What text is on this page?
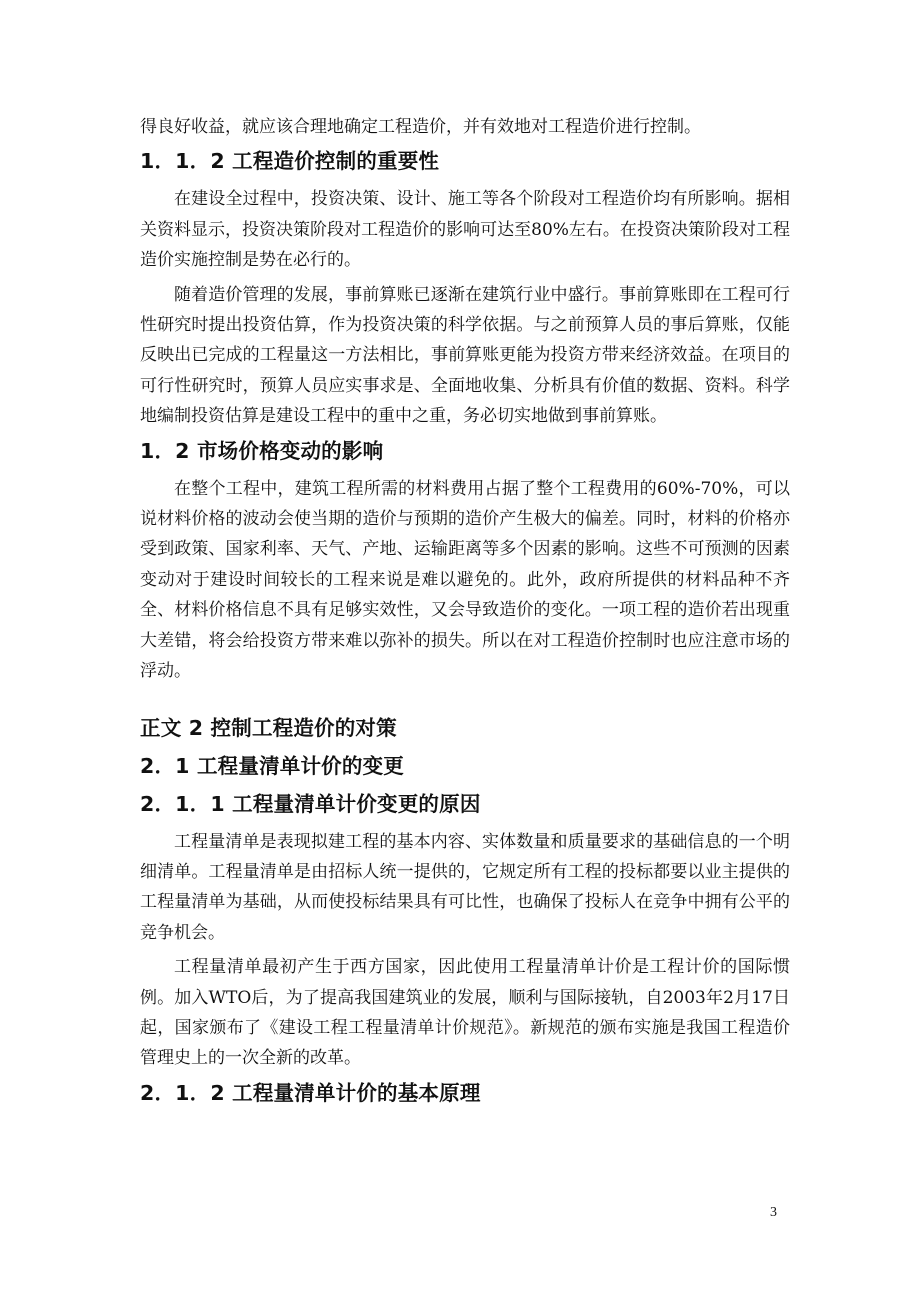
得良好收益，就应该合理地确定工程造价，并有效地对工程造价进行控制。

1．1．2 工程造价控制的重要性

在建设全过程中，投资决策、设计、施工等各个阶段对工程造价均有所影响。据相关资料显示，投资决策阶段对工程造价的影响可达至80%左右。在投资决策阶段对工程造价实施控制是势在必行的。

随着造价管理的发展，事前算账已逐渐在建筑行业中盛行。事前算账即在工程可行性研究时提出投资估算，作为投资决策的科学依据。与之前预算人员的事后算账，仅能反映出已完成的工程量这一方法相比，事前算账更能为投资方带来经济效益。在项目的可行性研究时，预算人员应实事求是、全面地收集、分析具有价值的数据、资料。科学地编制投资估算是建设工程中的重中之重，务必切实地做到事前算账。

1．2 市场价格变动的影响

在整个工程中，建筑工程所需的材料费用占据了整个工程费用的60%-70%，可以说材料价格的波动会使当期的造价与预期的造价产生极大的偏差。同时，材料的价格亦受到政策、国家利率、天气、产地、运输距离等多个因素的影响。这些不可预测的因素变动对于建设时间较长的工程来说是难以避免的。此外，政府所提供的材料品种不齐全、材料价格信息不具有足够实效性，又会导致造价的变化。一项工程的造价若出现重大差错，将会给投资方带来难以弥补的损失。所以在对工程造价控制时也应注意市场的浮动。

正文 2 控制工程造价的对策
2．1 工程量清单计价的变更
2．1．1 工程量清单计价变更的原因

工程量清单是表现拟建工程的基本内容、实体数量和质量要求的基础信息的一个明细清单。工程量清单是由招标人统一提供的，它规定所有工程的投标都要以业主提供的工程量清单为基础，从而使投标结果具有可比性，也确保了投标人在竞争中拥有公平的竞争机会。

工程量清单最初产生于西方国家，因此使用工程量清单计价是工程计价的国际惯例。加入WTO后，为了提高我国建筑业的发展，顺利与国际接轨，自2003年2月17日起，国家颁布了《建设工程工程量清单计价规范》。新规范的颁布实施是我国工程造价管理史上的一次全新的改革。

2．1．2 工程量清单计价的基本原理
3
